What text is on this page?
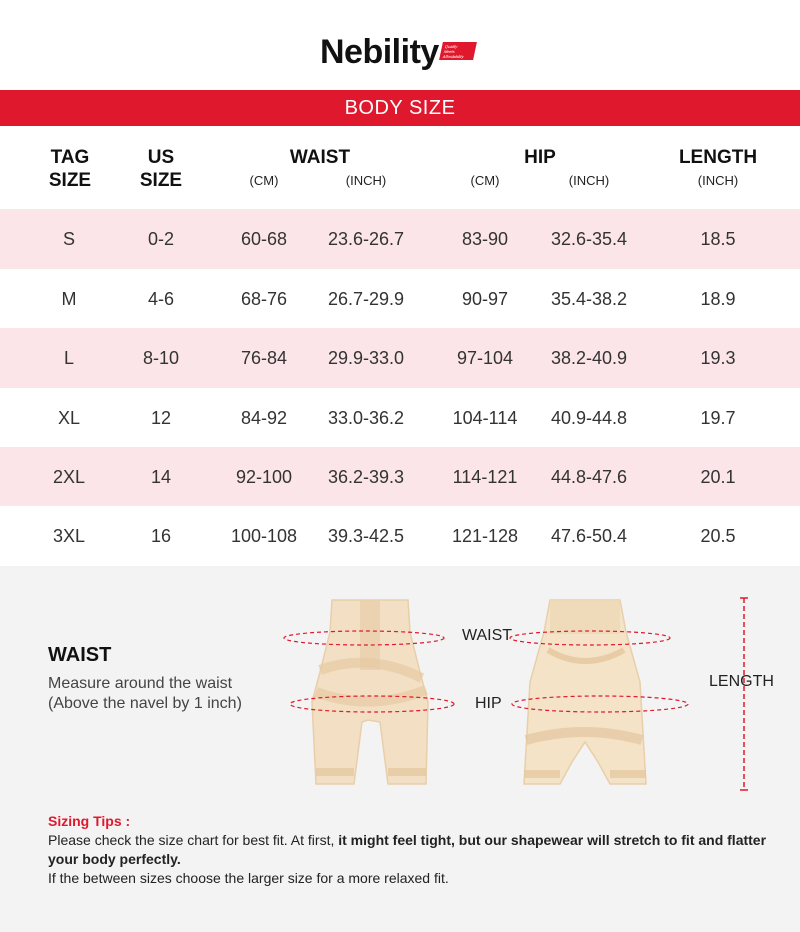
Nebility Quality
Meets
Affordability
BODY SIZE
TAG
SIZE
US
SIZE
WAIST	HIP	LENGTH
(CM)	(INCH)	(CM)	(INCH)	(INCH)
S	0-2	60-68	23.6-26.7	83-90	32.6-35.4	18.5
M	4-6	68-76	26.7-29.9	90-97	35.4-38.2	18.9
L	8-10	76-84	29.9-33.0	97-104	38.2-40.9	19.3
XL	12	84-92	33.0-36.2	104-114	40.9-44.8	19.7
2XL	14	92-100	36.2-39.3	114-121	44.8-47.6	20.1
3XL	16	100-108	39.3-42.5	121-128	47.6-50.4	20.5
WAIST
Measure around the waist
(Above the navel by 1 inch)
WAIST
HIP
LENGTH
Sizing Tips :
Please check the size chart for best fit. At first, it might feel tight, but our shapewear will stretch to fit and flatter your body perfectly.
If the between sizes choose the larger size for a more relaxed fit.
